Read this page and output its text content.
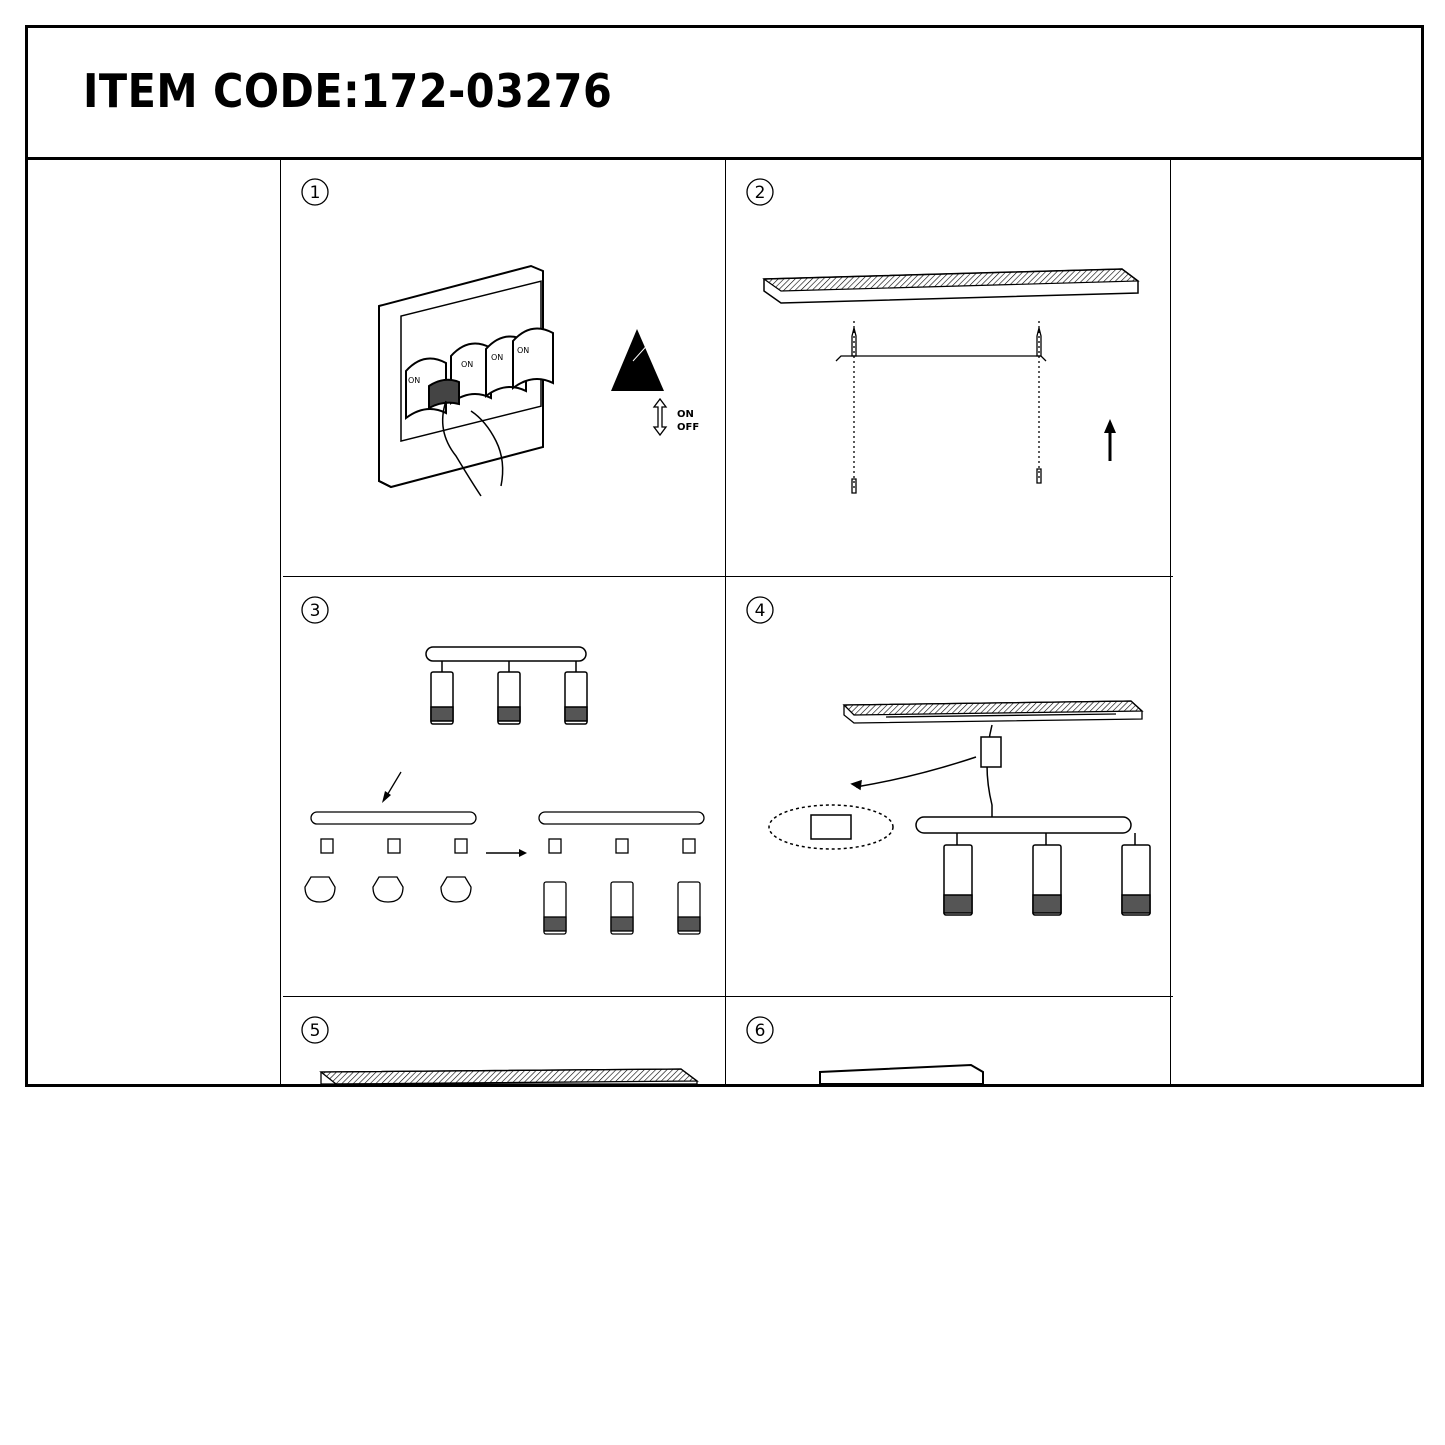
ITEM CODE:172-03276
1
ON
ON
ON
ON
ON
OFF
2
3	4
5	6
